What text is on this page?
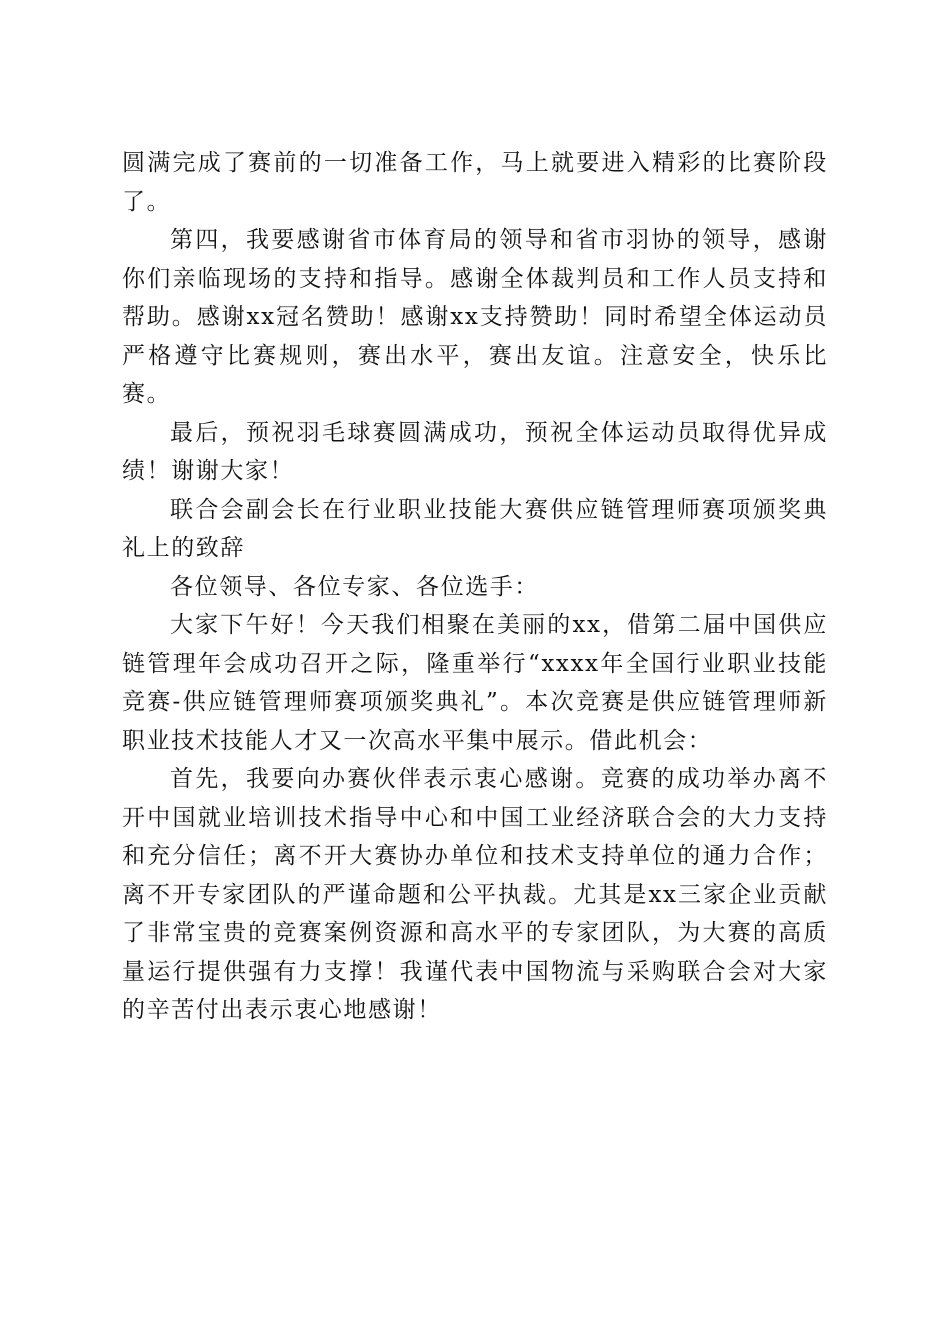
圆满完成了赛前的一切准备工作，马上就要进入精彩的比赛阶段了。

第四，我要感谢省市体育局的领导和省市羽协的领导，感谢你们亲临现场的支持和指导。感谢全体裁判员和工作人员支持和帮助。感谢xx冠名赞助！感谢xx支持赞助！同时希望全体运动员严格遵守比赛规则，赛出水平，赛出友谊。注意安全，快乐比赛。

最后，预祝羽毛球赛圆满成功，预祝全体运动员取得优异成绩！谢谢大家！

联合会副会长在行业职业技能大赛供应链管理师赛项颁奖典礼上的致辞

各位领导、各位专家、各位选手：

大家下午好！今天我们相聚在美丽的xx，借第二届中国供应链管理年会成功召开之际，隆重举行“xxxx年全国行业职业技能竞赛-供应链管理师赛项颁奖典礼”。本次竞赛是供应链管理师新职业技术技能人才又一次高水平集中展示。借此机会：

首先，我要向办赛伙伴表示衷心感谢。竞赛的成功举办离不开中国就业培训技术指导中心和中国工业经济联合会的大力支持和充分信任；离不开大赛协办单位和技术支持单位的通力合作；离不开专家团队的严谨命题和公平执裁。尤其是xx三家企业贡献了非常宝贵的竞赛案例资源和高水平的专家团队，为大赛的高质量运行提供强有力支撑！我谨代表中国物流与采购联合会对大家的辛苦付出表示衷心地感谢！
